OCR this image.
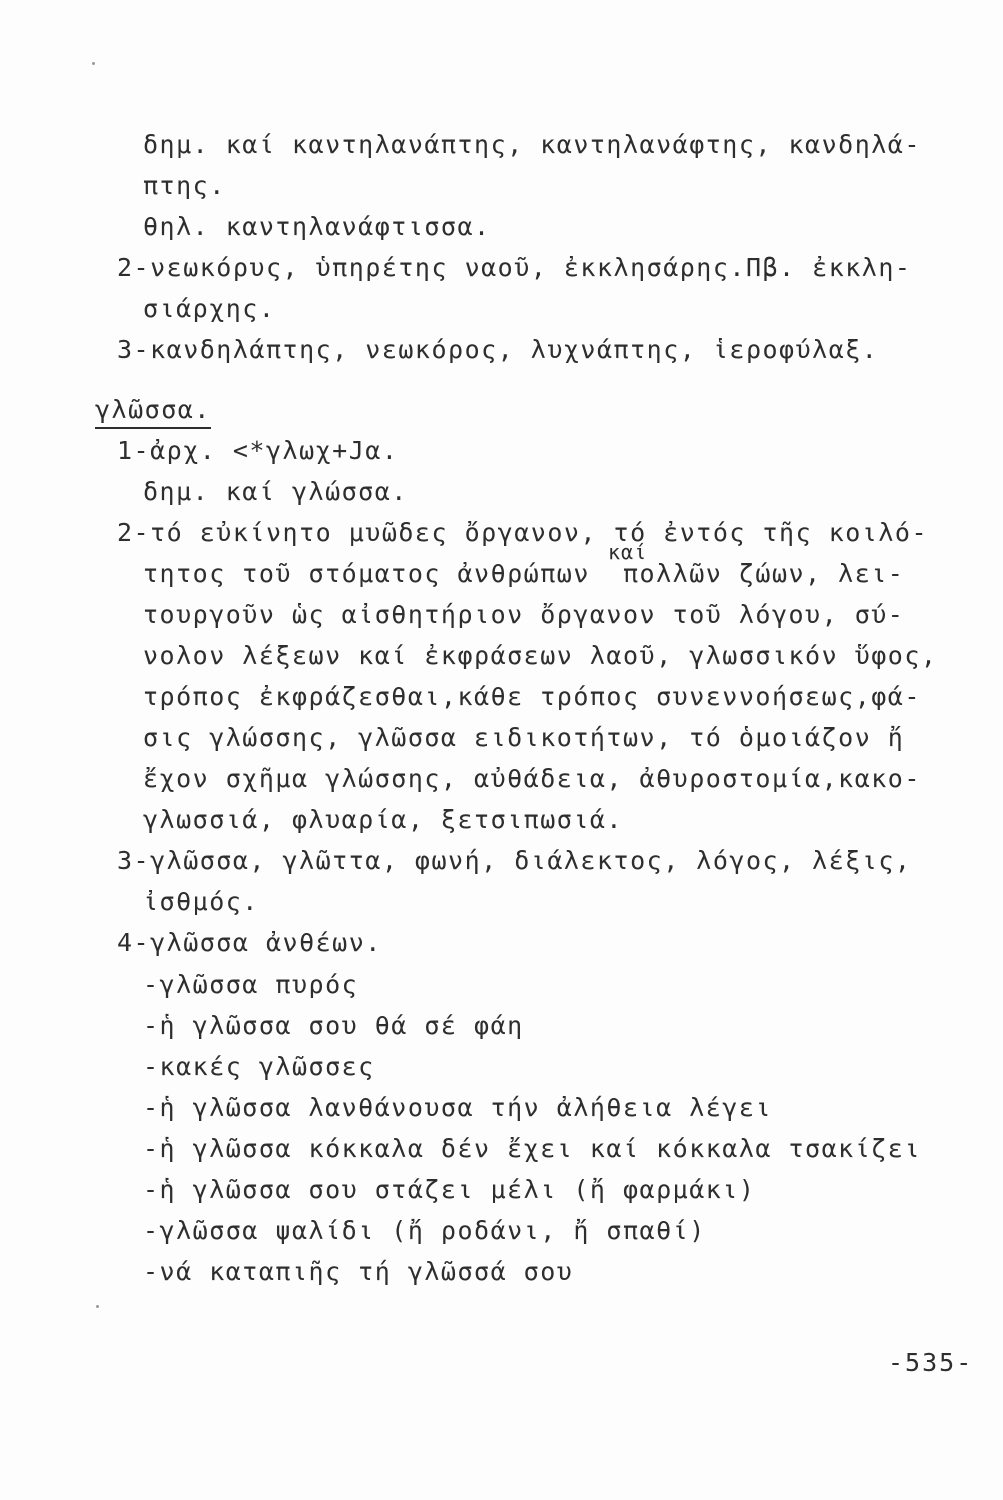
δημ. καί καντηλανάπτης, καντηλανάφτης, κανδηλά-
πτης.
θηλ. καντηλανάφτισσα.
2-νεωκόρυς, ὑπηρέτης ναοῦ, ἐκκλησάρης.Πβ. ἐκκλη-
σιάρχης.
3-κανδηλάπτης, νεωκόρος, λυχνάπτης, ἱεροφύλαξ.
γλῶσσα.
1-ἀρχ. <*γλωχ+Jα.
δημ. καί γλώσσα.
2-τό εὐκίνητο μυῶδες ὄργανον, τό ἐντός τῆς κοιλό-
καί
τητος τοῦ στόματος ἀνθρώπων  πολλῶν ζώων, λει-
τουργοῦν ὡς αἰσθητήριον ὄργανον τοῦ λόγου, σύ-
νολον λέξεων καί ἐκφράσεων λαοῦ, γλωσσικόν ὕφος,
τρόπος ἐκφράζεσθαι,κάθε τρόπος συνεννοήσεως,φά-
σις γλώσσης, γλῶσσα ειδικοτήτων, τό ὁμοιάζον ἤ
ἔχον σχῆμα γλώσσης, αὐθάδεια, ἀθυροστομία,κακο-
γλωσσιά, φλυαρία, ξετσιπωσιά.
3-γλῶσσα, γλῶττα, φωνή, διάλεκτος, λόγος, λέξις,
ἰσθμός.
4-γλῶσσα ἀνθέων.
-γλῶσσα πυρός
-ἡ γλῶσσα σου θά σέ φάη
-κακές γλῶσσες
-ἡ γλῶσσα λανθάνουσα τήν ἀλήθεια λέγει
-ἡ γλῶσσα κόκκαλα δέν ἔχει καί κόκκαλα τσακίζει
-ἡ γλῶσσα σου στάζει μέλι (ἤ φαρμάκι)
-γλῶσσα ψαλίδι (ἤ ροδάνι, ἤ σπαθί)
-νά καταπιῆς τή γλῶσσά σου
-535-
